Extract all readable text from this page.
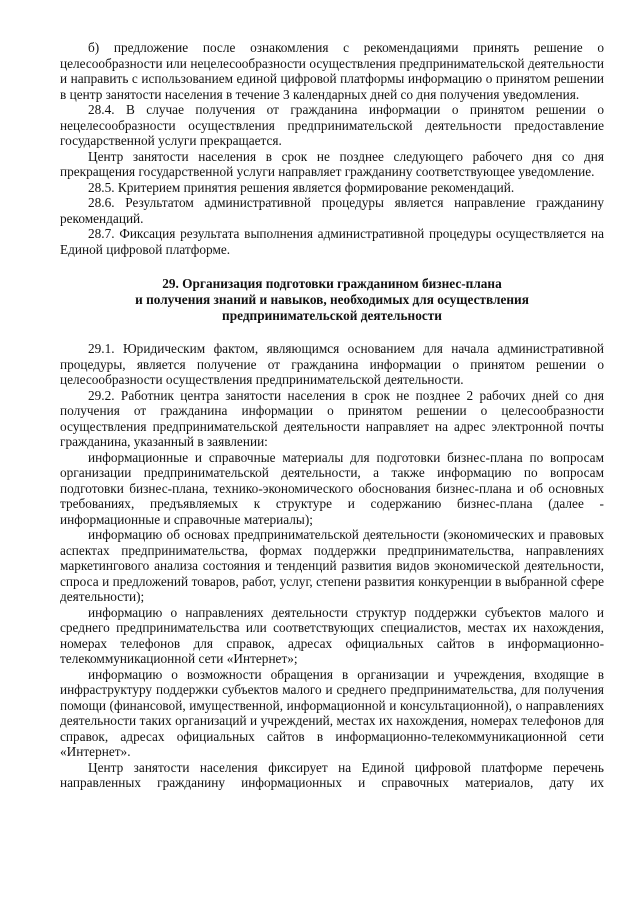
б) предложение после ознакомления с рекомендациями принять решение о целесообразности или нецелесообразности осуществления предпринимательской деятельности и направить с использованием единой цифровой платформы информацию о принятом решении в центр занятости населения в течение 3 календарных дней со дня получения уведомления.

28.4. В случае получения от гражданина информации о принятом решении о нецелесообразности осуществления предпринимательской деятельности предоставление государственной услуги прекращается.

Центр занятости населения в срок не позднее следующего рабочего дня со дня прекращения государственной услуги направляет гражданину соответствующее уведомление.

28.5. Критерием принятия решения является формирование рекомендаций.

28.6. Результатом административной процедуры является направление гражданину рекомендаций.

28.7. Фиксация результата выполнения административной процедуры осуществляется на Единой цифровой платформе.

29. Организация подготовки гражданином бизнес-плана
и получения знаний и навыков, необходимых для осуществления
предпринимательской деятельности

29.1. Юридическим фактом, являющимся основанием для начала административной процедуры, является получение от гражданина информации о принятом решении о целесообразности осуществления предпринимательской деятельности.

29.2. Работник центра занятости населения в срок не позднее 2 рабочих дней со дня получения от гражданина информации о принятом решении о целесообразности осуществления предпринимательской деятельности направляет на адрес электронной почты гражданина, указанный в заявлении:

информационные и справочные материалы для подготовки бизнес-плана по вопросам организации предпринимательской деятельности, а также информацию по вопросам подготовки бизнес-плана, технико-экономического обоснования бизнес-плана и об основных требованиях, предъявляемых к структуре и содержанию бизнес-плана (далее - информационные и справочные материалы);

информацию об основах предпринимательской деятельности (экономических и правовых аспектах предпринимательства, формах поддержки предпринимательства, направлениях маркетингового анализа состояния и тенденций развития видов экономической деятельности, спроса и предложений товаров, работ, услуг, степени развития конкуренции в выбранной сфере деятельности);

информацию о направлениях деятельности структур поддержки субъектов малого и среднего предпринимательства или соответствующих специалистов, местах их нахождения, номерах телефонов для справок, адресах официальных сайтов в информационно-телекоммуникационной сети «Интернет»;

информацию о возможности обращения в организации и учреждения, входящие в инфраструктуру поддержки субъектов малого и среднего предпринимательства, для получения помощи (финансовой, имущественной, информационной и консультационной), о направлениях деятельности таких организаций и учреждений, местах их нахождения, номерах телефонов для справок, адресах официальных сайтов в информационно-телекоммуникационной сети «Интернет».

Центр занятости населения фиксирует на Единой цифровой платформе перечень направленных гражданину информационных и справочных материалов, дату их
